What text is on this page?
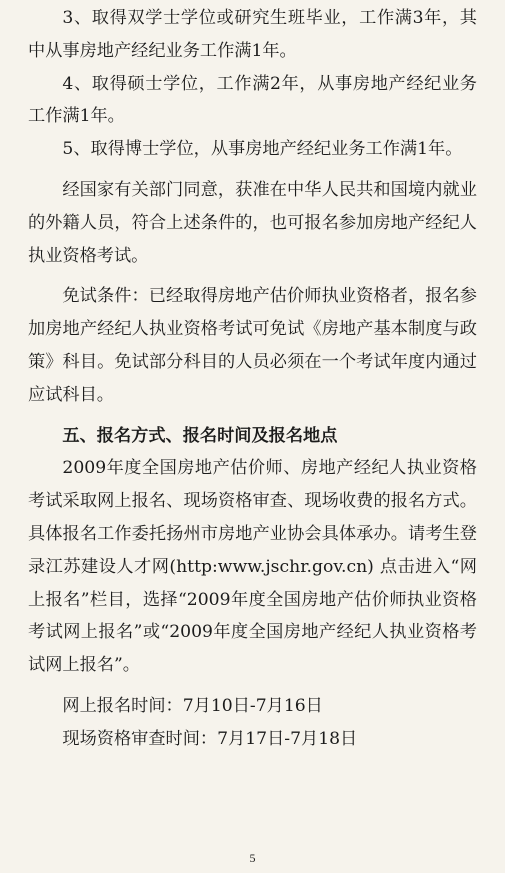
3、取得双学士学位或研究生班毕业，工作满3年，其中从事房地产经纪业务工作满1年。

4、取得硕士学位，工作满2年，从事房地产经纪业务工作满1年。

5、取得博士学位，从事房地产经纪业务工作满1年。

经国家有关部门同意，获准在中华人民共和国境内就业的外籍人员，符合上述条件的，也可报名参加房地产经纪人执业资格考试。

免试条件：已经取得房地产估价师执业资格者，报名参加房地产经纪人执业资格考试可免试《房地产基本制度与政策》科目。免试部分科目的人员必须在一个考试年度内通过应试科目。

五、报名方式、报名时间及报名地点

2009年度全国房地产估价师、房地产经纪人执业资格考试采取网上报名、现场资格审查、现场收费的报名方式。具体报名工作委托扬州市房地产业协会具体承办。请考生登录江苏建设人才网(http:www.jschr.gov.cn) 点击进入“网上报名”栏目，选择“2009年度全国房地产估价师执业资格考试网上报名”或“2009年度全国房地产经纪人执业资格考试网上报名”。

网上报名时间：7月10日-7月16日

现场资格审查时间：7月17日-7月18日

5
